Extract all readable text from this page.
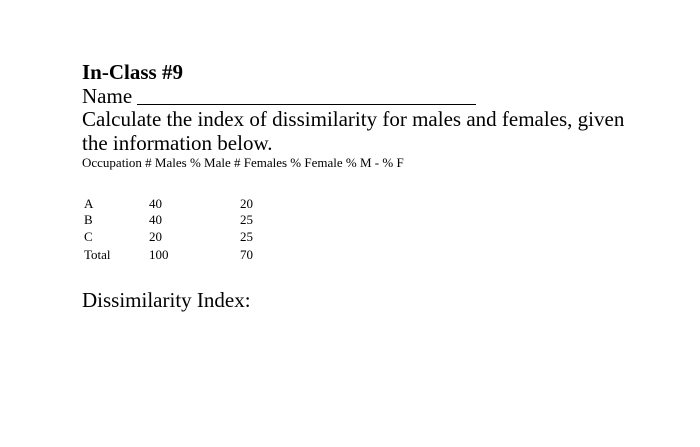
In-Class #9
Name
Calculate the index of dissimilarity for males and females, given the information below.
Occupation # Males % Male # Females % Female % M - % F
A	40	20
B	40	25
C	20	25
Total	100	70
Dissimilarity Index:
